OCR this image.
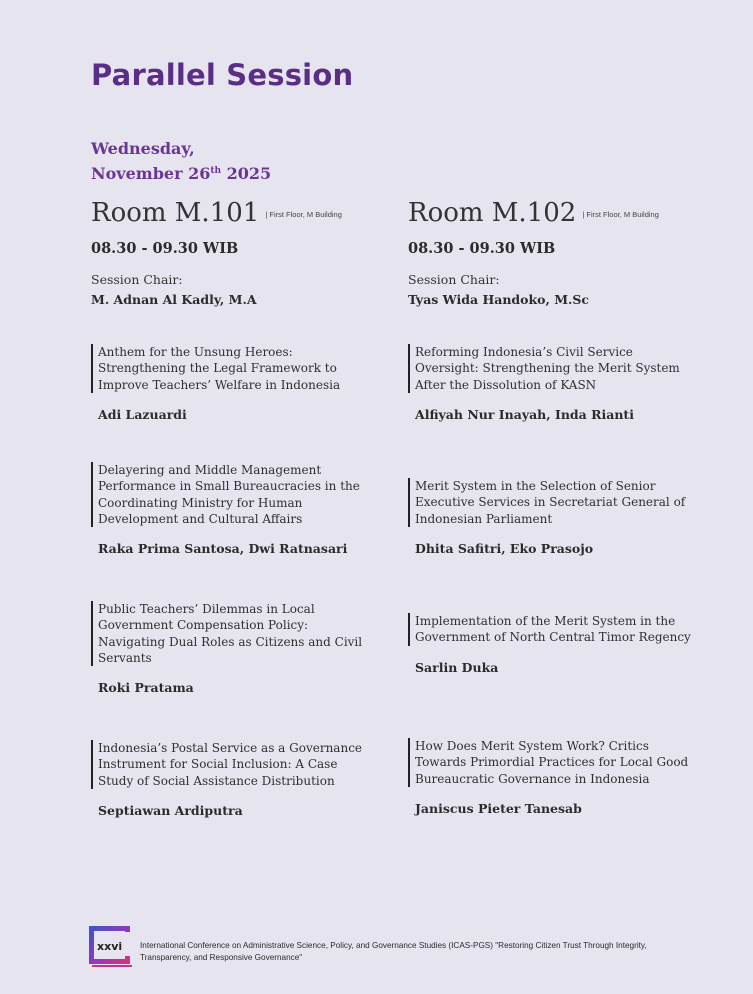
Parallel Session
Wednesday,
November 26th 2025
Room M.101 $^{| First Floor, M Building}$
08.30 - 09.30 WIB
Session Chair:
M. Adnan Al Kadly, M.A
Anthem for the Unsung Heroes: Strengthening the Legal Framework to Improve Teachers’ Welfare in Indonesia
Adi Lazuardi
Delayering and Middle Management Performance in Small Bureaucracies in the Coordinating Ministry for Human Development and Cultural Affairs
Raka Prima Santosa, Dwi Ratnasari
Public Teachers’ Dilemmas in Local Government Compensation Policy: Navigating Dual Roles as Citizens and Civil Servants
Roki Pratama
Indonesia’s Postal Service as a Governance Instrument for Social Inclusion: A Case Study of Social Assistance Distribution
Septiawan Ardiputra
Room M.102 $^{| First Floor, M Building}$
08.30 - 09.30 WIB
Session Chair:
Tyas Wida Handoko, M.Sc
Reforming Indonesia’s Civil Service Oversight: Strengthening the Merit System After the Dissolution of KASN
Alfiyah Nur Inayah, Inda Rianti
Merit System in the Selection of Senior Executive Services in Secretariat General of Indonesian Parliament
Dhita Safitri, Eko Prasojo
Implementation of the Merit System in the Government of North Central Timor Regency
Sarlin Duka
How Does Merit System Work? Critics Towards Primordial Practices for Local Good Bureaucratic Governance in Indonesia
Janiscus Pieter Tanesab
xxvi International Conference on Administrative Science, Policy, and Governance Studies (ICAS-PGS) "Restoring Citizen Trust Through Integrity, Transparency, and Responsive Governance"
